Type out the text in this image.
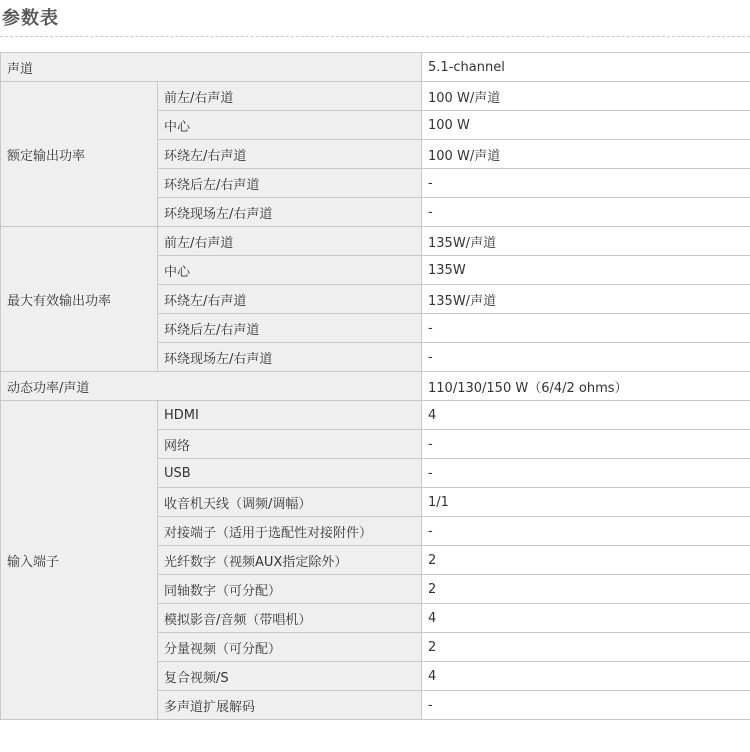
参数表
声道		5.1-channel
额定输出功率	前左/右声道	100 W/声道
	中心	100 W
	环绕左/右声道	100 W/声道
	环绕后左/右声道	-
	环绕现场左/右声道	-
最大有效输出功率	前左/右声道	135W/声道
	中心	135W
	环绕左/右声道	135W/声道
	环绕后左/右声道	-
	环绕现场左/右声道	-
动态功率/声道		110/130/150 W（6/4/2 ohms）
输入端子	HDMI	4
	网络	-
	USB	-
	收音机天线（调频/调幅）	1/1
	对接端子（适用于选配性对接附件）	-
	光纤数字（视频AUX指定除外）	2
	同轴数字（可分配）	2
	模拟影音/音频（带唱机）	4
	分量视频（可分配）	2
	复合视频/S	4
	多声道扩展解码	-
